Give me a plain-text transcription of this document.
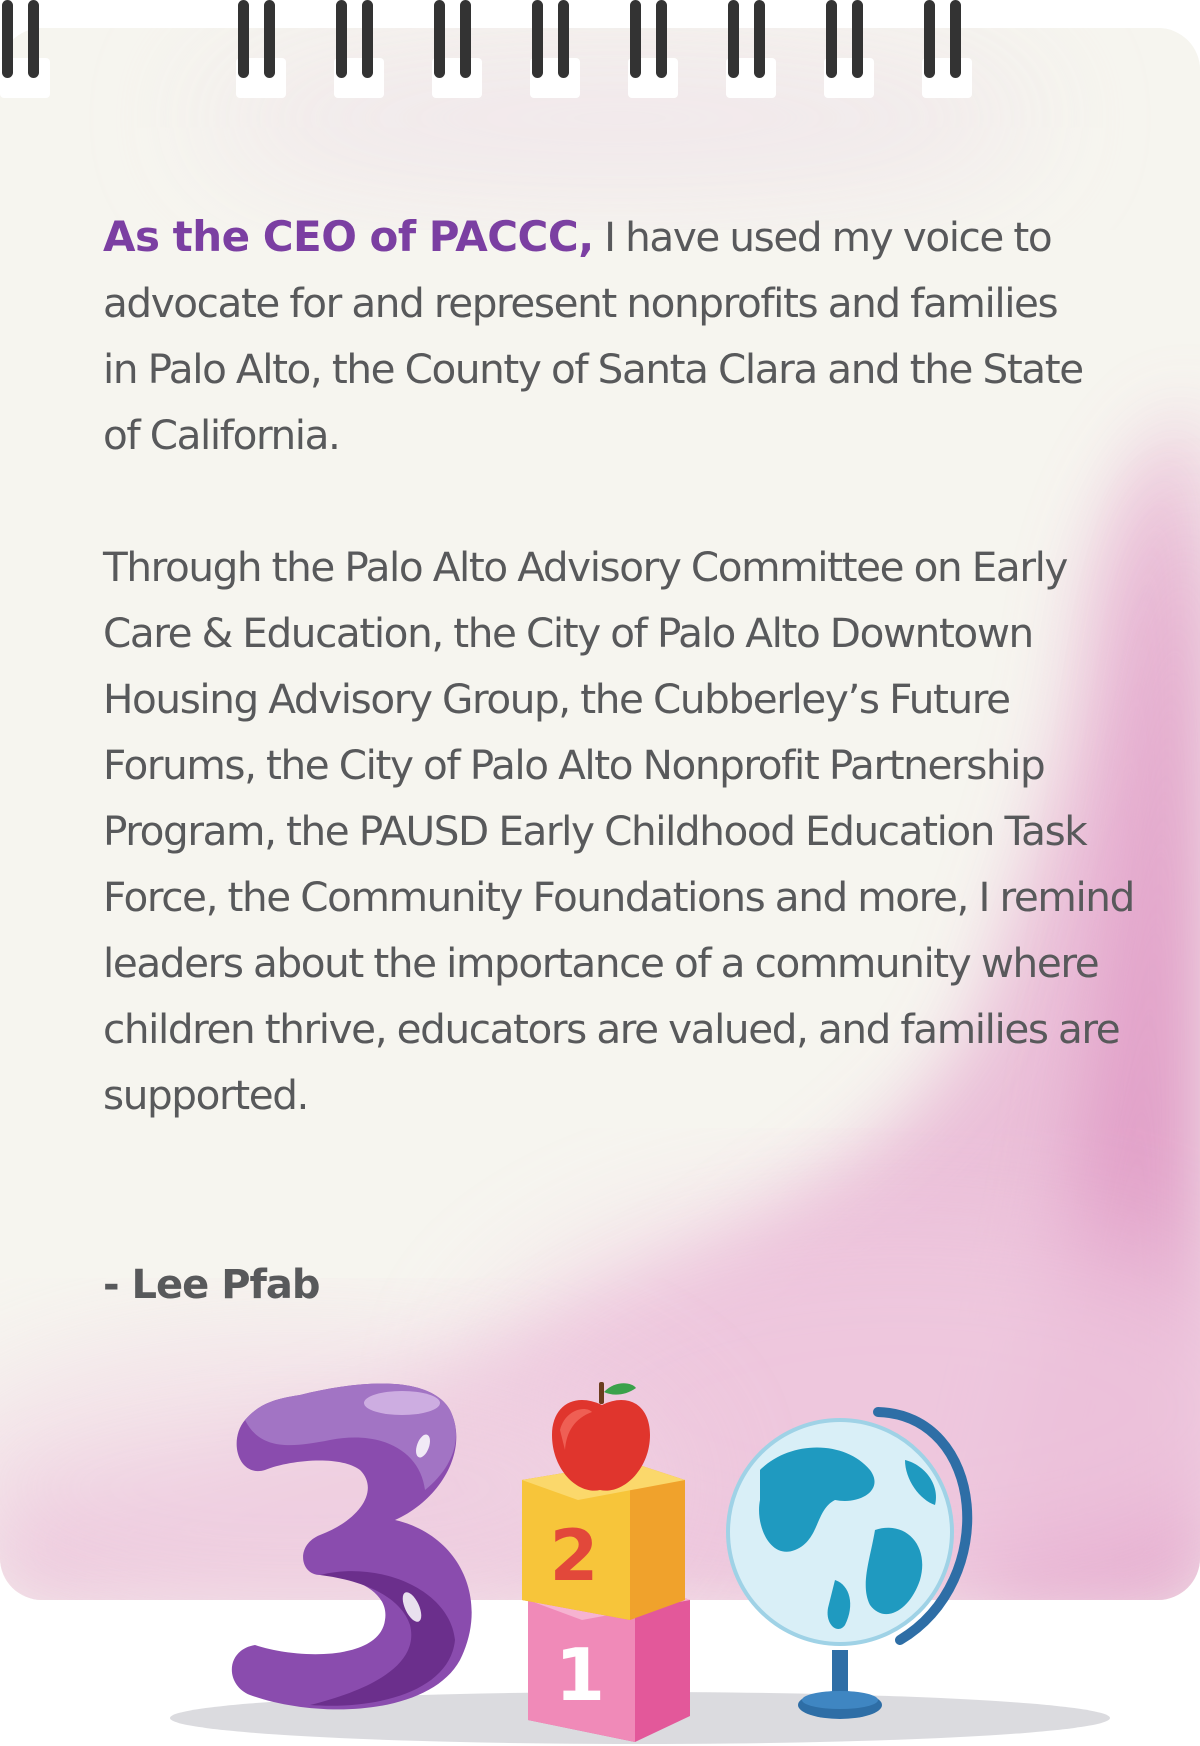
As the CEO of PACCC, I have used my voice to advocate for and represent nonprofits and families in Palo Alto, the County of Santa Clara and the State of California.

Through the Palo Alto Advisory Committee on Early Care & Education, the City of Palo Alto Downtown Housing Advisory Group, the Cubberley’s Future Forums, the City of Palo Alto Nonprofit Partnership Program, the PAUSD Early Childhood Education Task Force, the Community Foundations and more, I remind leaders about the importance of a community where children thrive, educators are valued, and families are supported.

- Lee Pfab
1
2
